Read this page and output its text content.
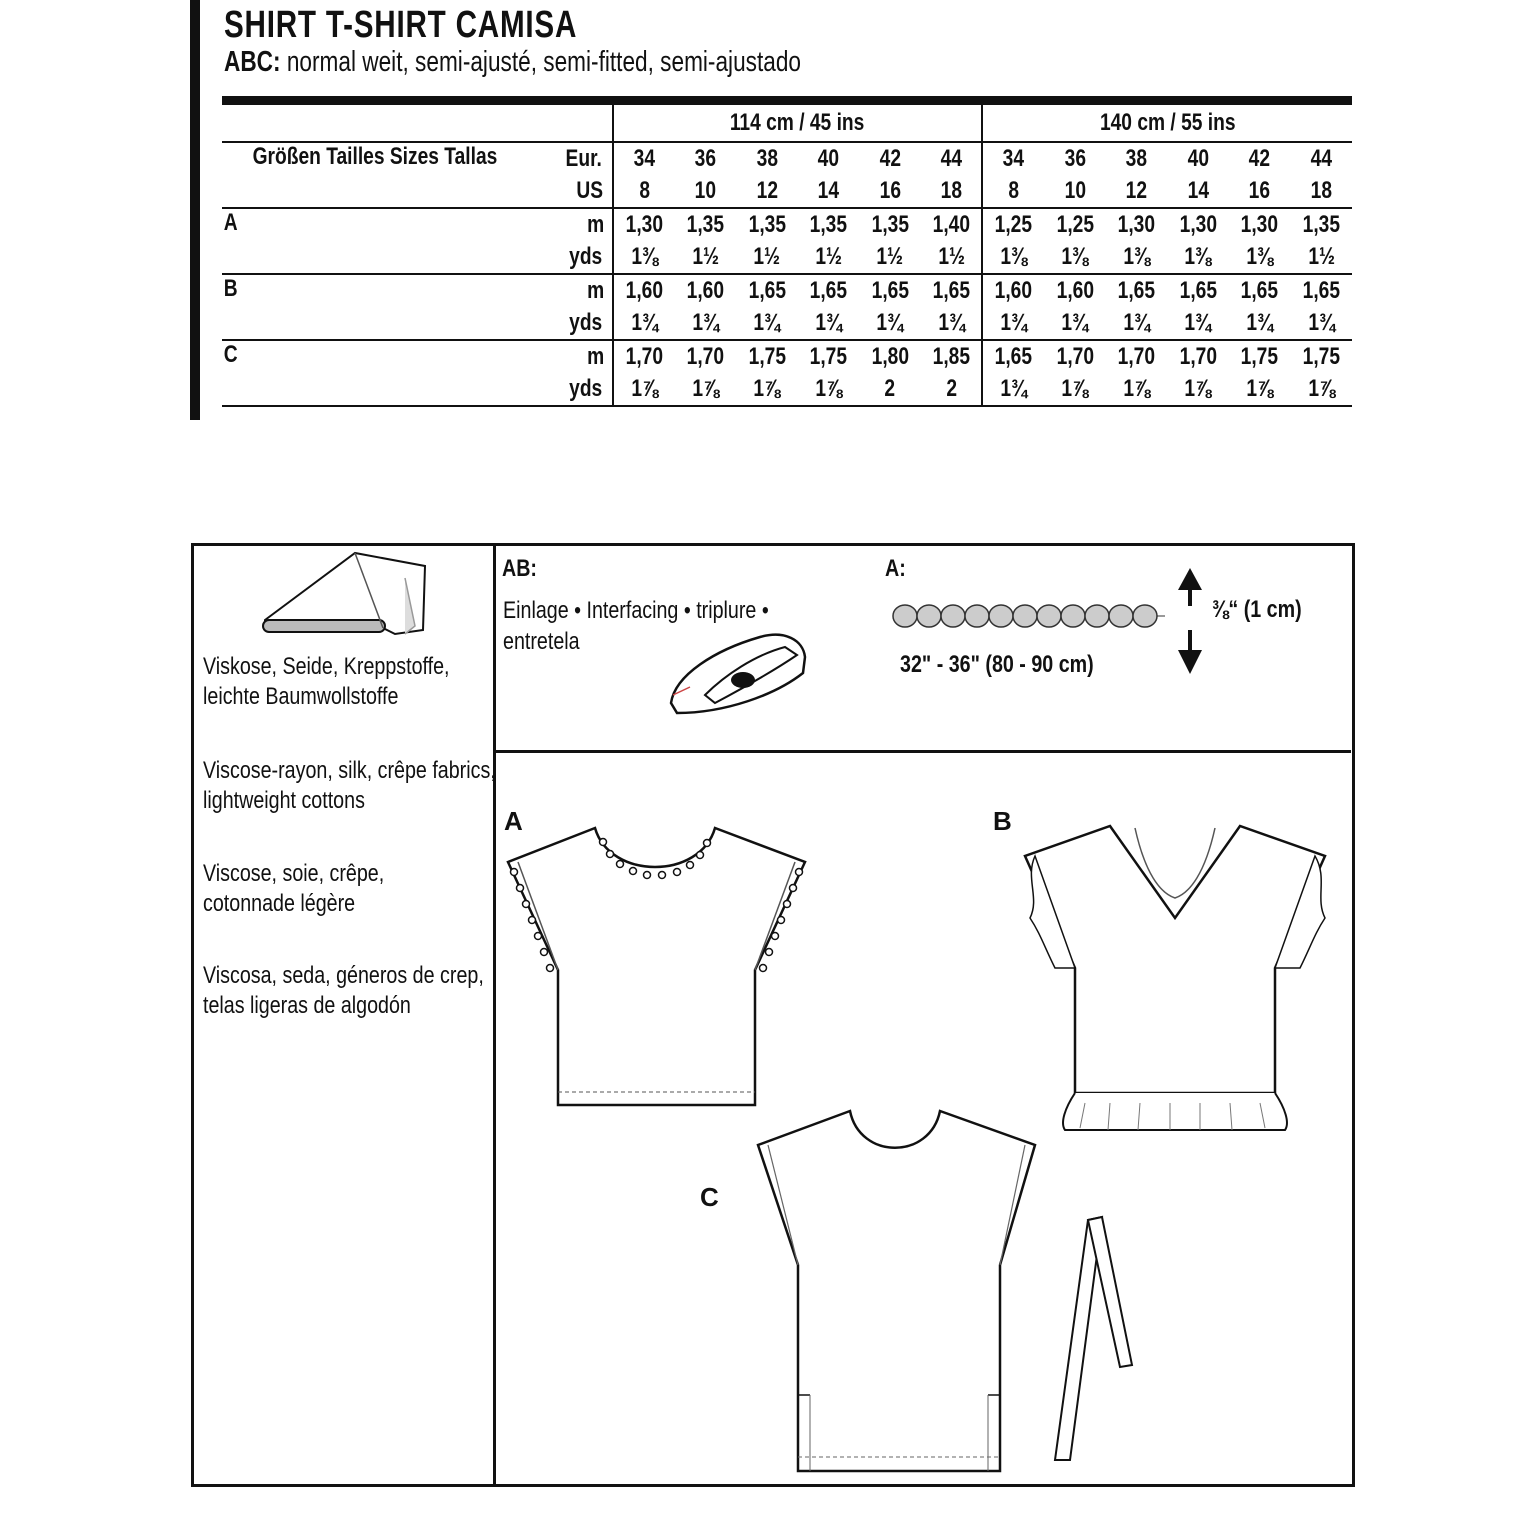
SHIRT T-SHIRT CAMISA
ABC: normal weit, semi-ajusté, semi-fitted, semi-ajustado
		114 cm / 45 ins						140 cm / 55 ins					
Größen Tailles Sizes Tallas	Eur.	34	36	38	40	42	44	34	36	38	40	42	44
	US	8	10	12	14	16	18	8	10	12	14	16	18
A	m	1,30	1,35	1,35	1,35	1,35	1,40	1,25	1,25	1,30	1,30	1,30	1,35
	yds	1⅜	1½	1½	1½	1½	1½	1⅜	1⅜	1⅜	1⅜	1⅜	1½
B	m	1,60	1,60	1,65	1,65	1,65	1,65	1,60	1,60	1,65	1,65	1,65	1,65
	yds	1¾	1¾	1¾	1¾	1¾	1¾	1¾	1¾	1¾	1¾	1¾	1¾
C	m	1,70	1,70	1,75	1,75	1,80	1,85	1,65	1,70	1,70	1,70	1,75	1,75
	yds	1⅞	1⅞	1⅞	1⅞	2	2	1¾	1⅞	1⅞	1⅞	1⅞	1⅞
Viskose, Seide, Kreppstoffe,
leichte Baumwollstoffe
Viscose-rayon, silk, crêpe fabrics,
lightweight cottons
Viscose, soie, crêpe,
cotonnade légère
Viscosa, seda, géneros de crep,
telas ligeras de algodón
AB:
Einlage • Interfacing • triplure •
entretela
A:
32" - 36" (80 - 90 cm)
⅜“ (1 cm)
A	B
C
